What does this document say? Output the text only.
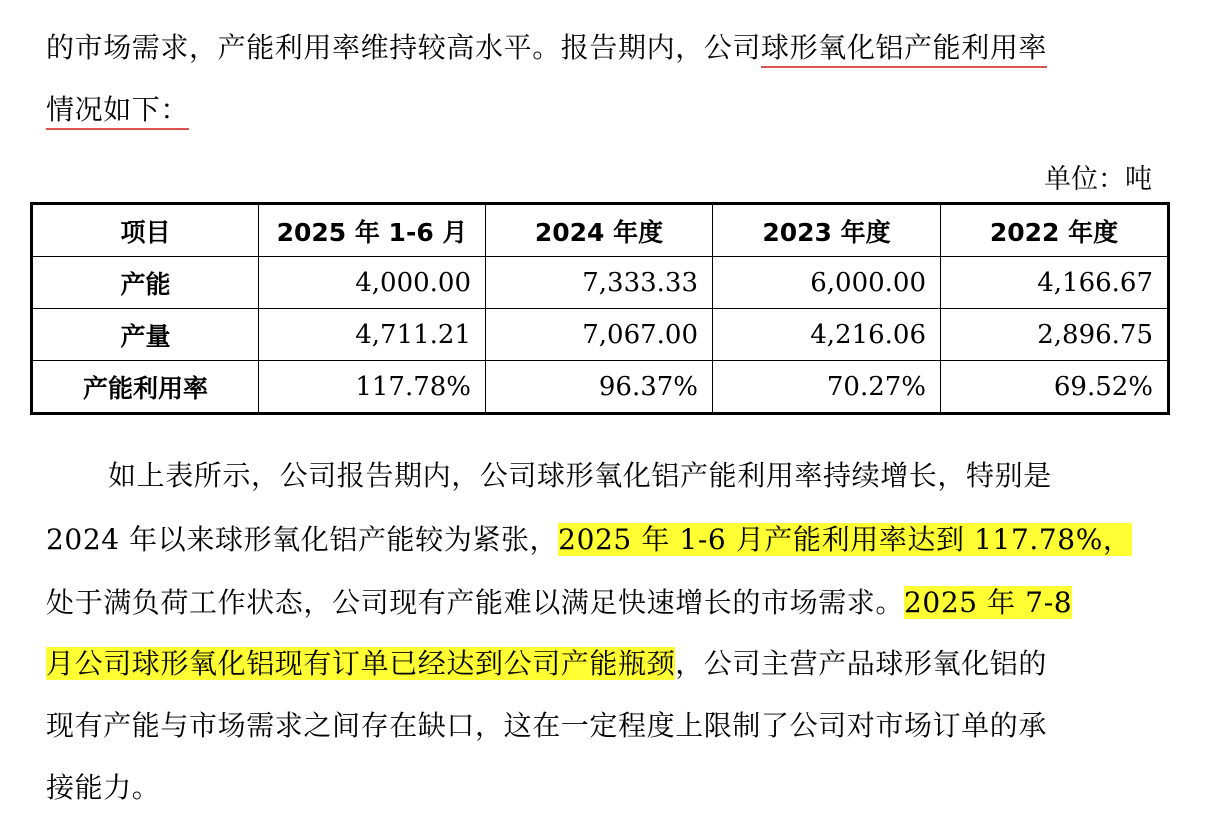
的市场需求，产能利用率维持较高水平。报告期内，公司球形氧化铝产能利用率
情况如下：
单位：吨
项目	2025 年 1-6 月	2024 年度	2023 年度	2022 年度
产能	4,000.00	7,333.33	6,000.00	4,166.67
产量	4,711.21	7,067.00	4,216.06	2,896.75
产能利用率	117.78%	96.37%	70.27%	69.52%
如上表所示，公司报告期内，公司球形氧化铝产能利用率持续增长，特别是
2024 年以来球形氧化铝产能较为紧张，2025 年 1-6 月产能利用率达到 117.78%，
处于满负荷工作状态，公司现有产能难以满足快速增长的市场需求。2025 年 7-8
月公司球形氧化铝现有订单已经达到公司产能瓶颈，公司主营产品球形氧化铝的
现有产能与市场需求之间存在缺口，这在一定程度上限制了公司对市场订单的承
接能力。
